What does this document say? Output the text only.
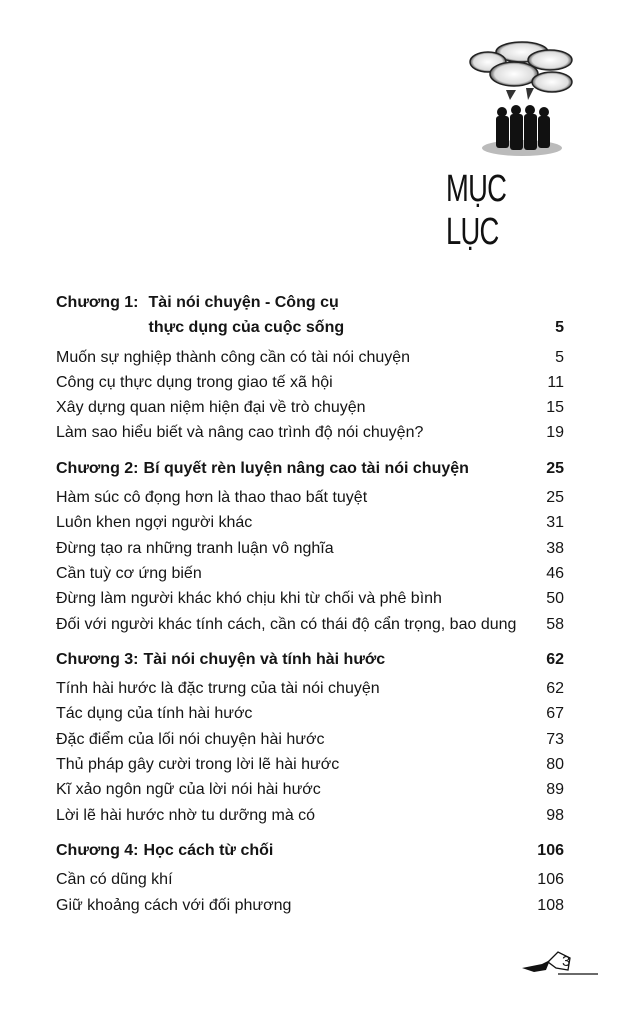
MỤC LỤC
Chương 1: Tài nói chuyện - Công cụ
thực dụng của cuộc sống	5
Muốn sự nghiệp thành công cần có tài nói chuyện	5
Công cụ thực dụng trong giao tế xã hội	11
Xây dựng quan niệm hiện đại về trò chuyện	15
Làm sao hiểu biết và nâng cao trình độ nói chuyện?	19
Chương 2: Bí quyết rèn luyện nâng cao tài nói chuyện	25
Hàm súc cô đọng hơn là thao thao bất tuyệt	25
Luôn khen ngợi người khác	31
Đừng tạo ra những tranh luận vô nghĩa	38
Cần tuỳ cơ ứng biến	46
Đừng làm người khác khó chịu khi từ chối và phê bình	50
Đối với người khác tính cách, cần có thái độ cẩn trọng, bao dung	58
Chương 3: Tài nói chuyện và tính hài hước	62
Tính hài hước là đặc trưng của tài nói chuyện	62
Tác dụng của tính hài hước	67
Đặc điểm của lối nói chuyện hài hước	73
Thủ pháp gây cười trong lời lẽ hài hước	80
Kĩ xảo ngôn ngữ của lời nói hài hước	89
Lời lẽ hài hước nhờ tu dưỡng mà có	98
Chương 4: Học cách từ chối	106
Cần có dũng khí	106
Giữ khoảng cách với đối phương	108
3
